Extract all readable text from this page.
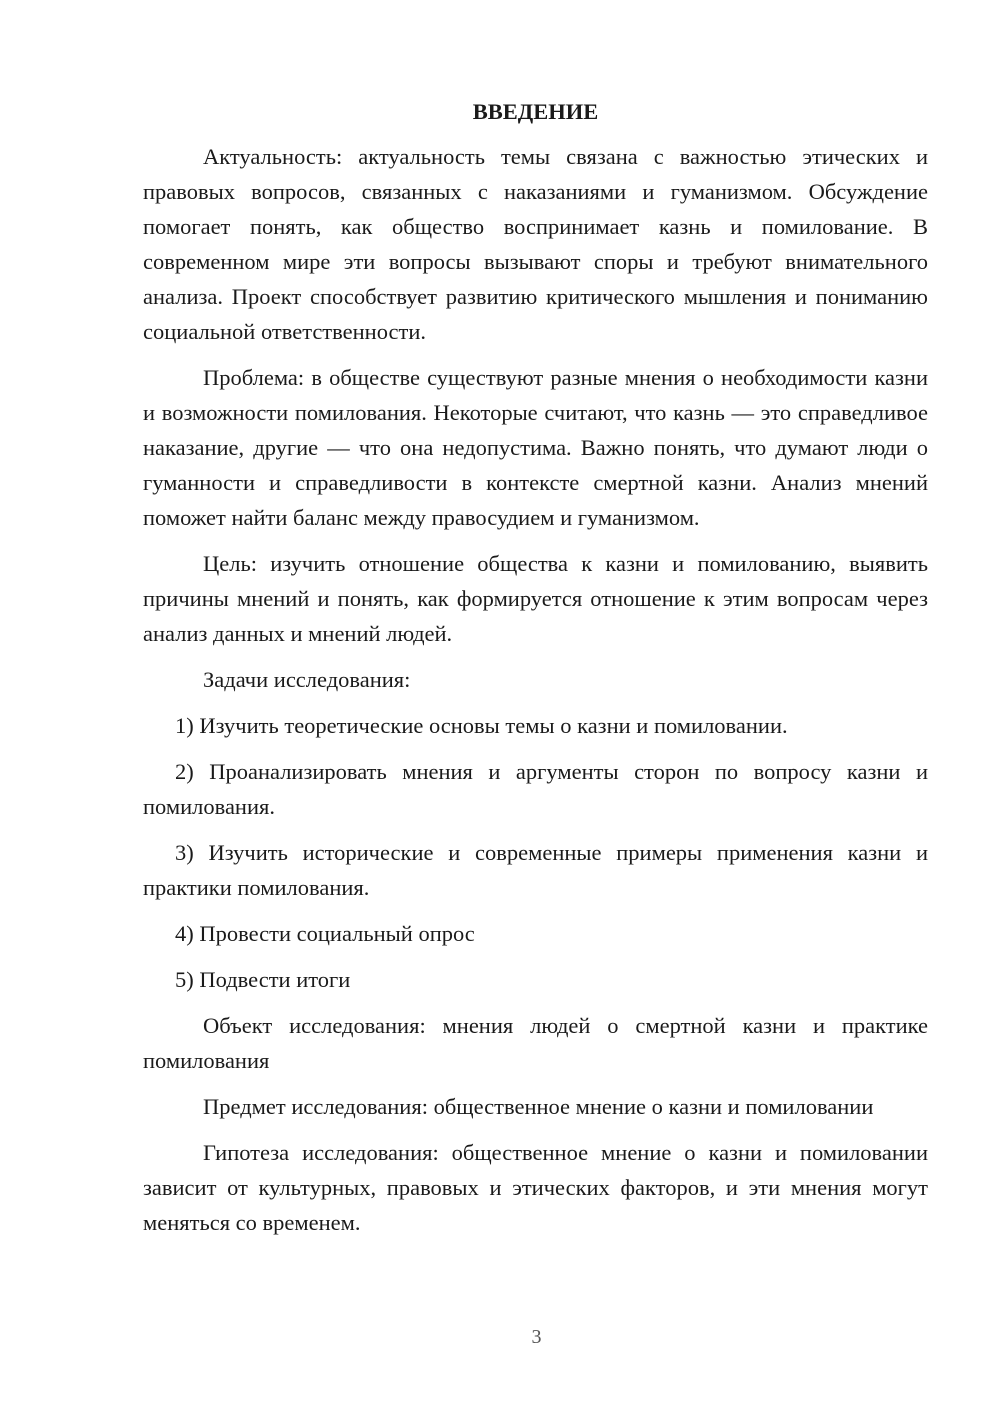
ВВЕДЕНИЕ

Актуальность: актуальность темы связана с важностью этических и правовых вопросов, связанных с наказаниями и гуманизмом. Обсуждение помогает понять, как общество воспринимает казнь и помилование. В современном мире эти вопросы вызывают споры и требуют внимательного анализа. Проект способствует развитию критического мышления и пониманию социальной ответственности.

Проблема: в обществе существуют разные мнения о необходимости казни и возможности помилования. Некоторые считают, что казнь — это справедливое наказание, другие — что она недопустима. Важно понять, что думают люди о гуманности и справедливости в контексте смертной казни. Анализ мнений поможет найти баланс между правосудием и гуманизмом.

Цель: изучить отношение общества к казни и помилованию, выявить причины мнений и понять, как формируется отношение к этим вопросам через анализ данных и мнений людей.

Задачи исследования:

1) Изучить теоретические основы темы о казни и помиловании.

2) Проанализировать мнения и аргументы сторон по вопросу казни и помилования.

3) Изучить исторические и современные примеры применения казни и практики помилования.

4) Провести социальный опрос

5) Подвести итоги

Объект исследования: мнения людей о смертной казни и практике помилования

Предмет исследования: общественное мнение о казни и помиловании

Гипотеза исследования: общественное мнение о казни и помиловании зависит от культурных, правовых и этических факторов, и эти мнения могут меняться со временем.

3
